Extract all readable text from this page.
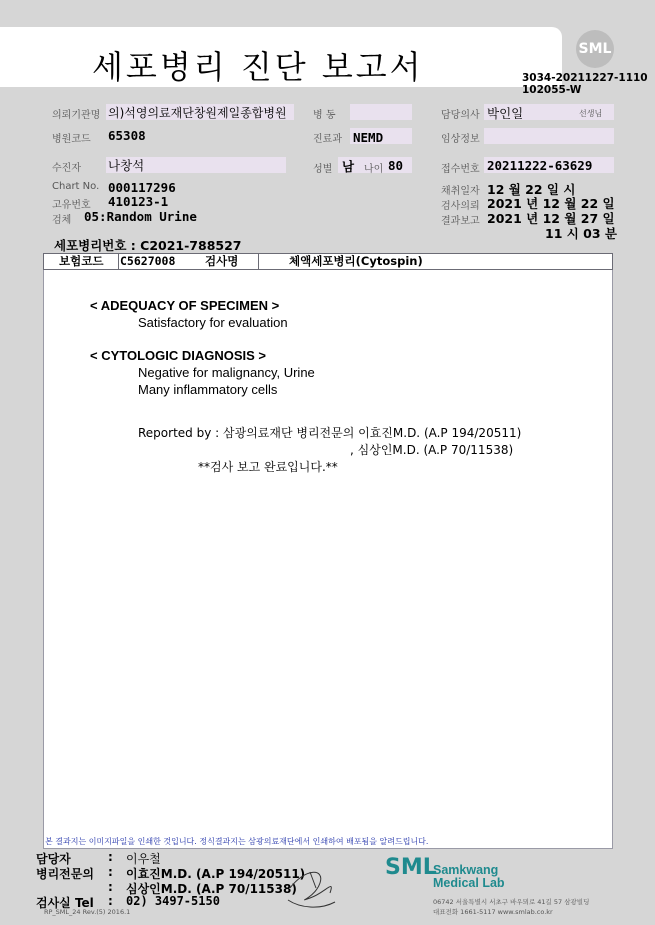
세포병리 진단 보고서	SML
3034-20211227-1110
102055-W
의뢰기관명 의)석영의료재단창원제일종합병원	병 동	담당의사 박인일	선생님
병원코드 65308	진료과 NEMD	임상정보
수진자 나창석	성별 남 나이 80	접수번호 20211222-63629
Chart No. 000117296
고유번호 410123-1
검체 05:Random Urine
채취일자 12 월 22 일 시
검사의뢰 2021 년 12 월 22 일
결과보고 2021 년 12 월 27 일
11 시 03 분
세포병리번호 : C2021-788527
보험코드 C5627008	검사명	체액세포병리(Cytospin)
< ADEQUACY OF SPECIMEN >
Satisfactory for evaluation
< CYTOLOGIC DIAGNOSIS >
Negative for malignancy, Urine
Many inflammatory cells
Reported by : 삼광의료재단 병리전문의 이효진M.D. (A.P 194/20511)
, 심상인M.D. (A.P 70/11538)
**검사 보고 완료입니다.**
본 결과지는 이미지파일을 인쇄한 것입니다. 정식결과지는 삼광의료재단에서 인쇄하여 배포됨을 알려드립니다.
담당자	: 이우철
병리전문의 : 이효진M.D. (A.P 194/20511)
: 심상인M.D. (A.P 70/11538)
검사실 Tel : 02) 3497-5150
RP_SML_24 Rev.(5) 2016.1
SML
Samkwang
Medical Lab
06742 서울특별시 서초구 바우뫼로 41길 57 삼광빌딩
대표전화 1661-5117 www.smlab.co.kr
